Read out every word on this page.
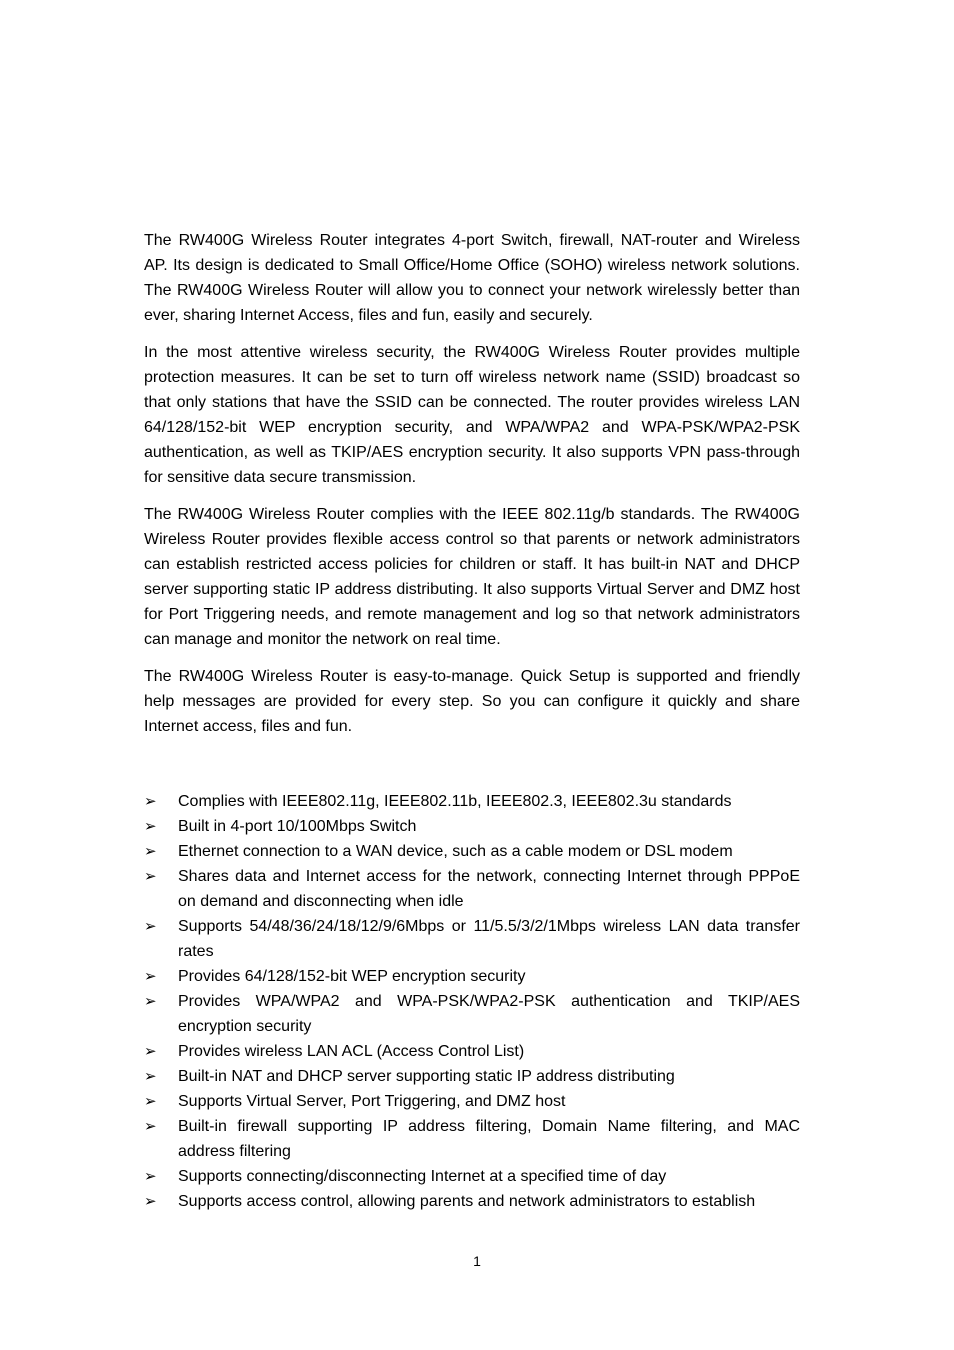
The RW400G Wireless Router integrates 4-port Switch, firewall, NAT-router and Wireless AP. Its design is dedicated to Small Office/Home Office (SOHO) wireless network solutions. The RW400G Wireless Router will allow you to connect your network wirelessly better than ever, sharing Internet Access, files and fun, easily and securely.

In the most attentive wireless security, the RW400G Wireless Router provides multiple protection measures. It can be set to turn off wireless network name (SSID) broadcast so that only stations that have the SSID can be connected. The router provides wireless LAN 64/128/152-bit WEP encryption security, and WPA/WPA2 and WPA-PSK/WPA2-PSK authentication, as well as TKIP/AES encryption security. It also supports VPN pass-through for sensitive data secure transmission.

The RW400G Wireless Router complies with the IEEE 802.11g/b standards. The RW400G Wireless Router provides flexible access control so that parents or network administrators can establish restricted access policies for children or staff. It has built-in NAT and DHCP server supporting static IP address distributing. It also supports Virtual Server and DMZ host for Port Triggering needs, and remote management and log so that network administrators can manage and monitor the network on real time.

The RW400G Wireless Router is easy-to-manage. Quick Setup is supported and friendly help messages are provided for every step. So you can configure it quickly and share Internet access, files and fun.

➢ Complies with IEEE802.11g, IEEE802.11b, IEEE802.3, IEEE802.3u standards
➢ Built in 4-port 10/100Mbps Switch
➢ Ethernet connection to a WAN device, such as a cable modem or DSL modem
➢ Shares data and Internet access for the network, connecting Internet through PPPoE on demand and disconnecting when idle
➢ Supports 54/48/36/24/18/12/9/6Mbps or 11/5.5/3/2/1Mbps wireless LAN data transfer rates
➢ Provides 64/128/152-bit WEP encryption security
➢ Provides WPA/WPA2 and WPA-PSK/WPA2-PSK authentication and TKIP/AES encryption security
➢ Provides wireless LAN ACL (Access Control List)
➢ Built-in NAT and DHCP server supporting static IP address distributing
➢ Supports Virtual Server, Port Triggering, and DMZ host
➢ Built-in firewall supporting IP address filtering, Domain Name filtering, and MAC address filtering
➢ Supports connecting/disconnecting Internet at a specified time of day
➢ Supports access control, allowing parents and network administrators to establish
1
